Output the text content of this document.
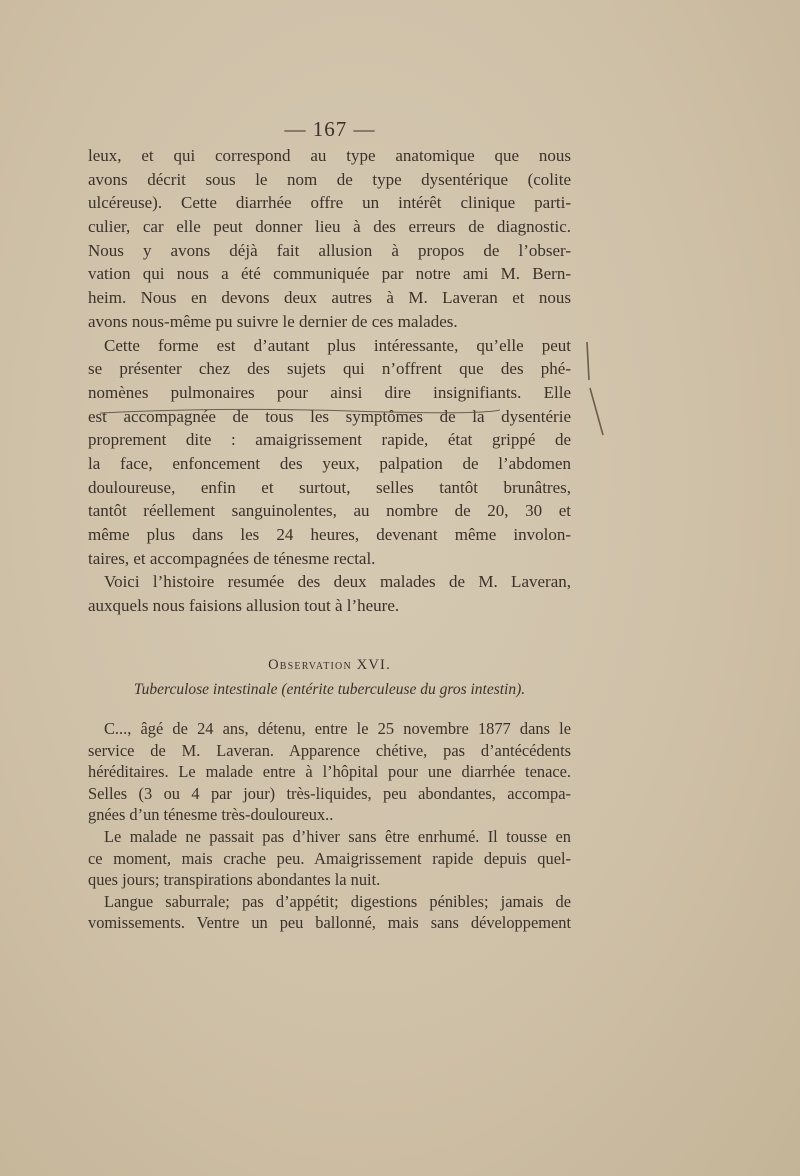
— 167 —
leux, et qui correspond au type anatomique que nous
avons décrit sous le nom de type dysentérique (colite
ulcéreuse). Cette diarrhée offre un intérêt clinique parti-
culier, car elle peut donner lieu à des erreurs de diagnostic.
Nous y avons déjà fait allusion à propos de l’obser-
vation qui nous a été communiquée par notre ami M. Bern-
heim. Nous en devons deux autres à M. Laveran et nous
avons nous-même pu suivre le dernier de ces malades.
Cette forme est d’autant plus intéressante, qu’elle peut
se présenter chez des sujets qui n’offrent que des phé-
nomènes pulmonaires pour ainsi dire insignifiants. Elle
est accompagnée de tous les symptômes de la dysentérie
proprement dite : amaigrissement rapide, état grippé de
la face, enfoncement des yeux, palpation de l’abdomen
douloureuse, enfin et surtout, selles tantôt brunâtres,
tantôt réellement sanguinolentes, au nombre de 20, 30 et
même plus dans les 24 heures, devenant même involon-
taires, et accompagnées de ténesme rectal.
Voici l’histoire resumée des deux malades de M. Laveran,
auxquels nous faisions allusion tout à l’heure.
Observation XVI.
Tuberculose intestinale (entérite tuberculeuse du gros intestin).
C..., âgé de 24 ans, détenu, entre le 25 novembre 1877 dans le
service de M. Laveran. Apparence chétive, pas d’antécédents
héréditaires. Le malade entre à l’hôpital pour une diarrhée tenace.
Selles (3 ou 4 par jour) très-liquides, peu abondantes, accompa-
gnées d’un ténesme très-douloureux..
Le malade ne passait pas d’hiver sans être enrhumé. Il tousse en
ce moment, mais crache peu. Amaigrissement rapide depuis quel-
ques jours; transpirations abondantes la nuit.
Langue saburrale; pas d’appétit; digestions pénibles; jamais de
vomissements. Ventre un peu ballonné, mais sans développement
